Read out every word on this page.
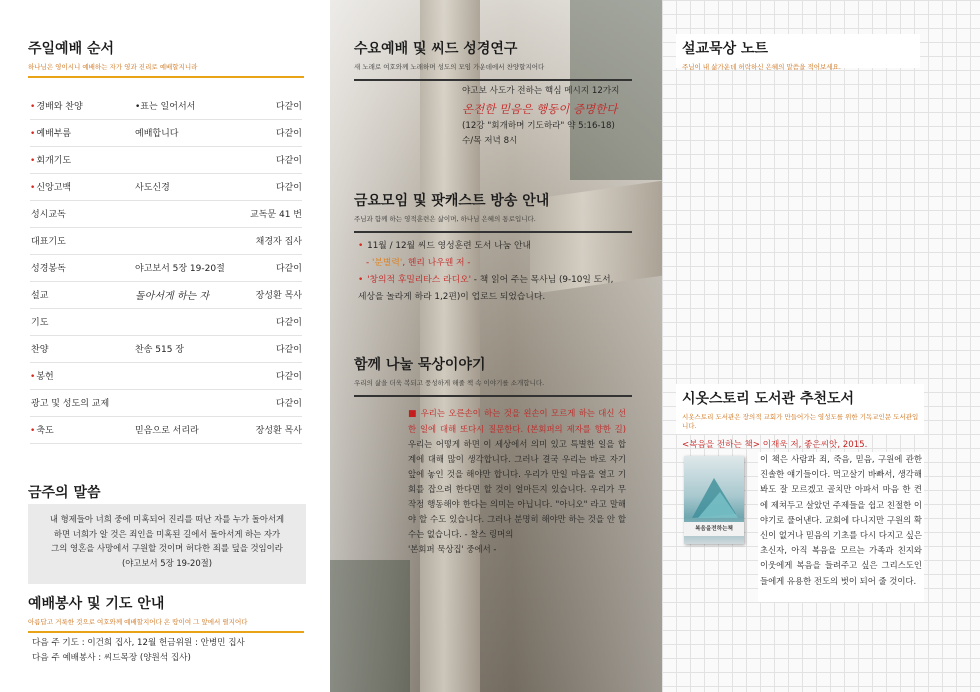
주일예배 순서
하나님은 영이시니 예배하는 자가 영과 진리로 예배할지니라
•경배와 찬양	•표는 일어서서	다같이
•예배부름	예배합니다	다같이
•회개기도	다같이
•신앙고백	사도신경	다같이
성시교독	교독문 41 번
대표기도	채경자 집사
성경봉독	야고보서 5장 19-20절	다같이
설교	돌아서게 하는 자	장성환 목사
기도	다같이
찬양	찬송 515 장	다같이
•봉헌	다같이
광고 및 성도의 교제	다같이
•축도	믿음으로 서리라	장성환 목사
금주의 말씀

내 형제들아 너희 중에 미혹되어 진리를 떠난 자를 누가 돌아서게

하면 너희가 알 것은 죄인을 미혹된 길에서 돌아서게 하는 자가

그의 영혼을 사망에서 구원할 것이며 허다한 죄를 덮을 것임이라

(야고보서 5장 19-20절)

예배봉사 및 기도 안내
아름답고 거룩한 것으로 여호와께 예배할지어다 온 땅이여 그 앞에서 떨지어다

다음 주 기도 : 이건희 집사, 12월 헌금위원 : 안병민 집사

다음 주 예배봉사 : 씨드목장 (양원석 집사)

수요예배 및 씨드 성경연구
새 노래로 여호와께 노래하며 성도의 모임 가운데에서 찬양할지어다

야고보 사도가 전하는 핵심 메시지 12가지

온전한 믿음은 행동이 증명한다

(12강 "회개하며 기도하라" 약 5:16-18)

수/목 저녁 8시

금요모임 및 팟캐스트 방송 안내
주님과 함께 하는 영적훈련은 삶이며, 하나님 은혜의 통로입니다.

• 11월 / 12월 씨드 영성훈련 도서 나눔 안내

- '분별력', 헨리 나우웬 저 -

• '창의적 후밀리타스 라디오' - 책 읽어 주는 목사님 (9-10일 도서, 세상을 놀라게 하라 1,2편)이 업로드 되었습니다.

함께 나눌 묵상이야기
우리의 삶을 더욱 복되고 풍성하게 해줄 책 속 이야기를 소개합니다.
■ 우리는 오른손이 하는 것을 왼손이 모르게 하는 대신 선한 일에 대해 또다시 질문한다. (본회퍼의 제자를 향한 길) 우리는 어떻게 하면 이 세상에서 의미 있고 특별한 일을 합계에 대해 많이 생각합니다. 그러나 결국 우리는 바로 자기 앞에 놓인 것을 해야만 합니다. 우리가 만일 마음을 열고 기회를 잡으려 한다면 할 것이 얼마든지 있습니다. 우리가 무작정 행동해야 한다는 의미는 아닙니다. "아니오" 라고 말해야 할 수도 있습니다. 그러나 분명히 해야만 하는 것을 안 할 수는 없습니다. - 찰스 링머의

'본회퍼 묵상집' 중에서 -

설교묵상 노트
주님이 내 삶가운데 허락하신 은혜의 말씀을 적어보세요.
시옷스토리 도서관 추천도서
시옷스토리 도서관은 장의적 교회가 만들어가는 영성도를 위한 기독교인문 도서관입니다.
<복음을 전하는 책> 이재욱 저, 좋은씨앗, 2015.
복음을전하는책

이 책은 사람과 죄, 죽음, 믿음, 구원에 관한 진솔한 얘기들이다. 먹고살기 바빠서, 생각해 봐도 잘 모르겠고 골치만 아파서 마음 한 켠에 제쳐두고 살았던 주제들을 쉽고 친절한 이야기로 풀어낸다. 교회에 다니지만 구원의 확신이 없거나 믿음의 기초를 다시 다지고 싶은 초신자, 아직 복음을 모르는 가족과 친지와 이웃에게 복음을 들려주고 싶은 그리스도인들에게 유용한 전도의 벗이 되어 줄 것이다.
